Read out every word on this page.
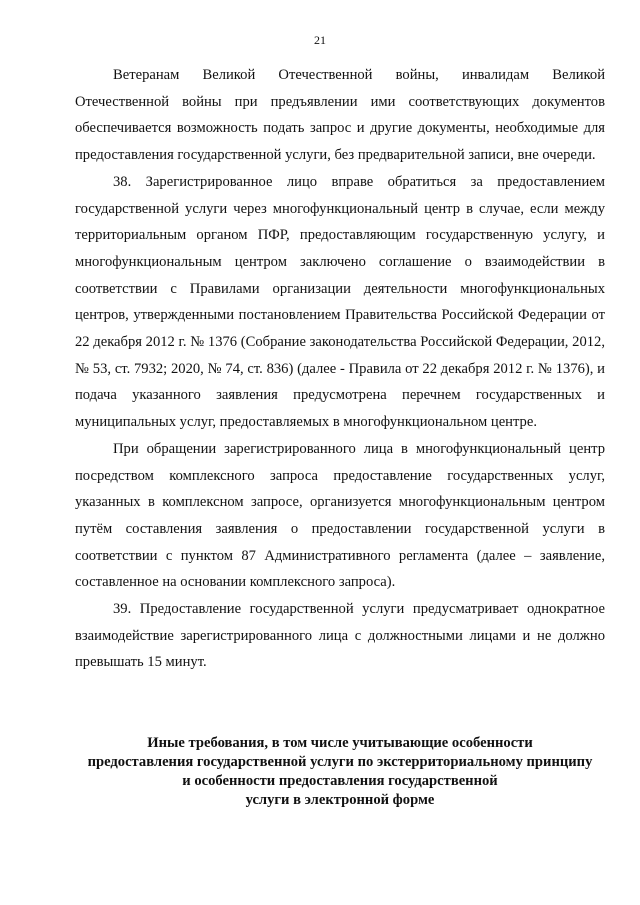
21

Ветеранам Великой Отечественной войны, инвалидам Великой Отечественной войны при предъявлении ими соответствующих документов обеспечивается возможность подать запрос и другие документы, необходимые для предоставления государственной услуги, без предварительной записи, вне очереди.

38. Зарегистрированное лицо вправе обратиться за предоставлением государственной услуги через многофункциональный центр в случае, если между территориальным органом ПФР, предоставляющим государственную услугу, и многофункциональным центром заключено соглашение о взаимодействии в соответствии с Правилами организации деятельности многофункциональных центров, утвержденными постановлением Правительства Российской Федерации от 22 декабря 2012 г. № 1376 (Собрание законодательства Российской Федерации, 2012, № 53, ст. 7932; 2020, № 74, ст. 836) (далее - Правила от 22 декабря 2012 г. № 1376), и подача указанного заявления предусмотрена перечнем государственных и муниципальных услуг, предоставляемых в многофункциональном центре.

При обращении зарегистрированного лица в многофункциональный центр посредством комплексного запроса предоставление государственных услуг, указанных в комплексном запросе, организуется многофункциональным центром путём составления заявления о предоставлении государственной услуги в соответствии с пунктом 87 Административного регламента (далее – заявление, составленное на основании комплексного запроса).

39. Предоставление государственной услуги предусматривает однократное взаимодействие зарегистрированного лица с должностными лицами и не должно превышать 15 минут.

Иные требования, в том числе учитывающие особенности
предоставления государственной услуги по экстерриториальному принципу
и особенности предоставления государственной
услуги в электронной форме
